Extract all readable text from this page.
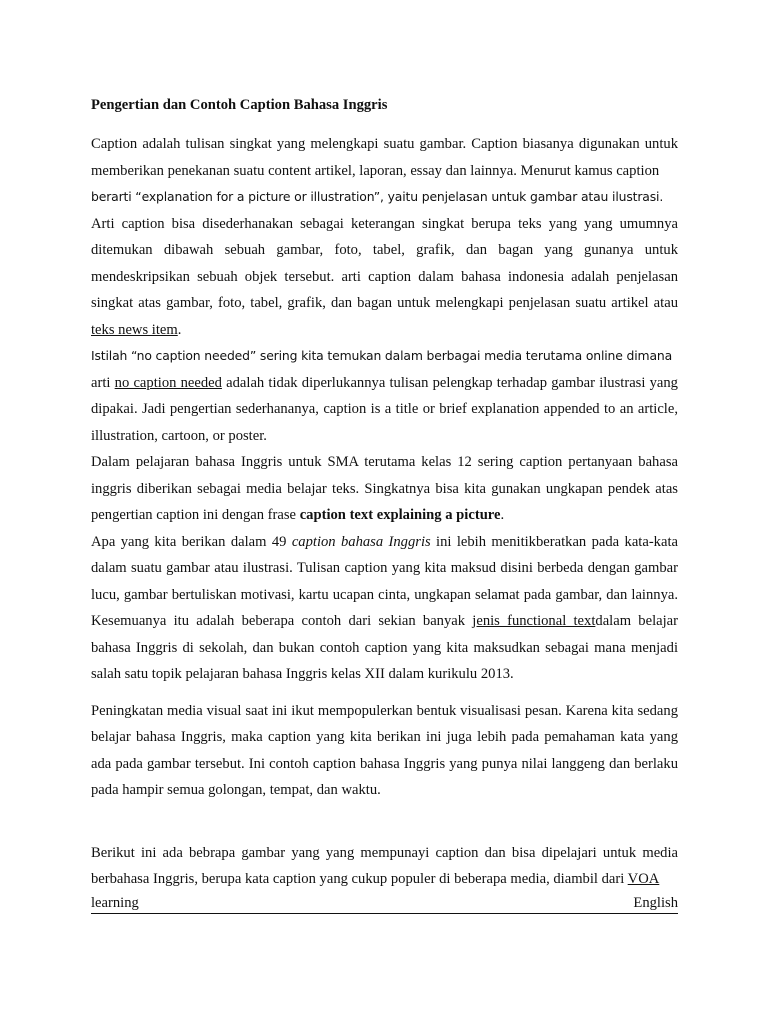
Pengertian dan Contoh Caption Bahasa Inggris

Caption adalah tulisan singkat yang melengkapi suatu gambar. Caption biasanya digunakan untuk memberikan penekanan suatu content artikel, laporan, essay dan lainnya. Menurut kamus caption

berarti “explanation for a picture or illustration”, yaitu penjelasan untuk gambar atau ilustrasi.

Arti caption bisa disederhanakan sebagai keterangan singkat berupa teks yang yang umumnya ditemukan dibawah sebuah gambar, foto, tabel, grafik, dan bagan yang gunanya untuk mendeskripsikan sebuah objek tersebut. arti caption dalam bahasa indonesia adalah penjelasan singkat atas gambar, foto, tabel, grafik, dan bagan untuk melengkapi penjelasan suatu artikel atau teks news item.

Istilah “no caption needed” sering kita temukan dalam berbagai media terutama online dimana

arti no caption needed adalah tidak diperlukannya tulisan pelengkap terhadap gambar ilustrasi yang dipakai. Jadi pengertian sederhananya, caption is a title or brief explanation appended to an article, illustration, cartoon, or poster.

Dalam pelajaran bahasa Inggris untuk SMA terutama kelas 12 sering caption pertanyaan bahasa inggris diberikan sebagai media belajar teks. Singkatnya bisa kita gunakan ungkapan pendek atas pengertian caption ini dengan frase caption text explaining a picture.

Apa yang kita berikan dalam 49 caption bahasa Inggris ini lebih menitikberatkan pada kata-kata dalam suatu gambar atau ilustrasi. Tulisan caption yang kita maksud disini berbeda dengan gambar lucu, gambar bertuliskan motivasi, kartu ucapan cinta, ungkapan selamat pada gambar, dan lainnya. Kesemuanya itu adalah beberapa contoh dari sekian banyak jenis functional textdalam belajar bahasa Inggris di sekolah, dan bukan contoh caption yang kita maksudkan sebagai mana menjadi salah satu topik pelajaran bahasa Inggris kelas XII dalam kurikulu 2013.

Peningkatan media visual saat ini ikut mempopulerkan bentuk visualisasi pesan. Karena kita sedang belajar bahasa Inggris, maka caption yang kita berikan ini juga lebih pada pemahaman kata yang ada pada gambar tersebut. Ini contoh caption bahasa Inggris yang punya nilai langgeng dan berlaku pada hampir semua golongan, tempat, dan waktu.

Berikut ini ada bebrapa gambar yang yang mempunayi caption dan bisa dipelajari untuk media berbahasa Inggris, berupa kata caption yang cukup populer di beberapa media, diambil dari VOA

learning	English
